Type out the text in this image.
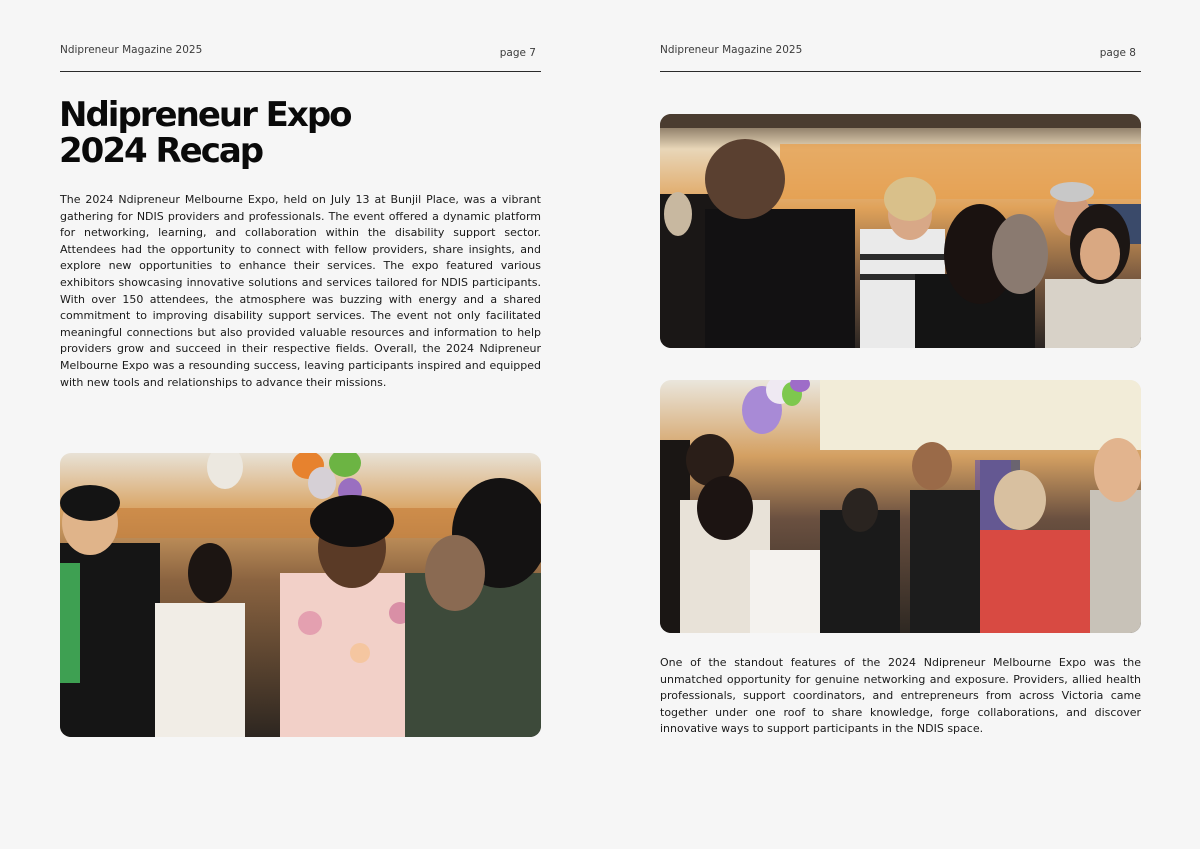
Ndipreneur Magazine 2025	page 7
Ndipreneur Expo
2024 Recap

The 2024 Ndipreneur Melbourne Expo, held on July 13 at Bunjil Place, was a vibrant gathering for NDIS providers and professionals. The event offered a dynamic platform for networking, learning, and collaboration within the disability support sector. Attendees had the opportunity to connect with fellow providers, share insights, and explore new opportunities to enhance their services. The expo featured various exhibitors showcasing innovative solutions and services tailored for NDIS participants. With over 150 attendees, the atmosphere was buzzing with energy and a shared commitment to improving disability support services. The event not only facilitated meaningful connections but also provided valuable resources and information to help providers grow and succeed in their respective fields. Overall, the 2024 Ndipreneur Melbourne Expo was a resounding success, leaving participants inspired and equipped with new tools and relationships to advance their missions.

Ndipreneur Magazine 2025	page 8

One of the standout features of the 2024 Ndipreneur Melbourne Expo was the unmatched opportunity for genuine networking and exposure. Providers, allied health professionals, support coordinators, and entrepreneurs from across Victoria came together under one roof to share knowledge, forge collaborations, and discover innovative ways to support participants in the NDIS space.
